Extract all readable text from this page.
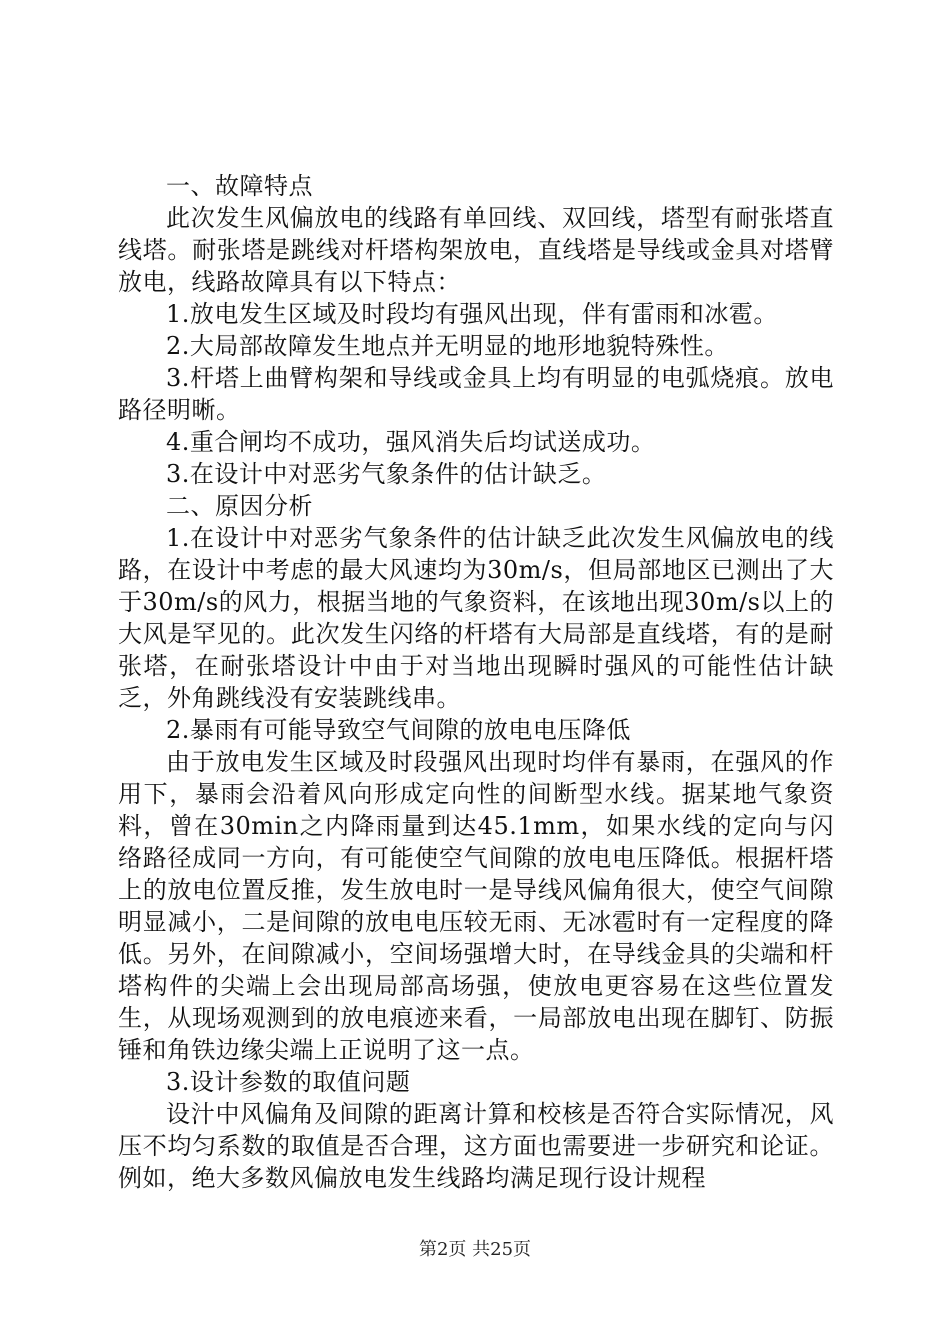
一、故障特点

此次发生风偏放电的线路有单回线、双回线，塔型有耐张塔直线塔。耐张塔是跳线对杆塔构架放电，直线塔是导线或金具对塔臂放电，线路故障具有以下特点：

1.放电发生区域及时段均有强风出现，伴有雷雨和冰雹。

2.大局部故障发生地点并无明显的地形地貌特殊性。

3.杆塔上曲臂构架和导线或金具上均有明显的电弧烧痕。放电路径明晰。

4.重合闸均不成功，强风消失后均试送成功。

3.在设计中对恶劣气象条件的估计缺乏。

二、原因分析

1.在设计中对恶劣气象条件的估计缺乏此次发生风偏放电的线路，在设计中考虑的最大风速均为30m/s，但局部地区已测出了大于30m/s的风力，根据当地的气象资料，在该地出现30m/s以上的大风是罕见的。此次发生闪络的杆塔有大局部是直线塔，有的是耐张塔，在耐张塔设计中由于对当地出现瞬时强风的可能性估计缺乏，外角跳线没有安装跳线串。

2.暴雨有可能导致空气间隙的放电电压降低

由于放电发生区域及时段强风出现时均伴有暴雨，在强风的作用下，暴雨会沿着风向形成定向性的间断型水线。据某地气象资料，曾在30min之内降雨量到达45.1mm，如果水线的定向与闪络路径成同一方向，有可能使空气间隙的放电电压降低。根据杆塔上的放电位置反推，发生放电时一是导线风偏角很大，使空气间隙明显减小，二是间隙的放电电压较无雨、无冰雹时有一定程度的降低。另外，在间隙减小，空间场强增大时，在导线金具的尖端和杆塔构件的尖端上会出现局部高场强，使放电更容易在这些位置发生，从现场观测到的放电痕迹来看，一局部放电出现在脚钉、防振锤和角铁边缘尖端上正说明了这一点。

3.设计参数的取值问题

设汁中风偏角及间隙的距离计算和校核是否符合实际情况，风压不均匀系数的取值是否合理，这方面也需要进一步研究和论证。例如，绝大多数风偏放电发生线路均满足现行设计规程

第2页 共25页
